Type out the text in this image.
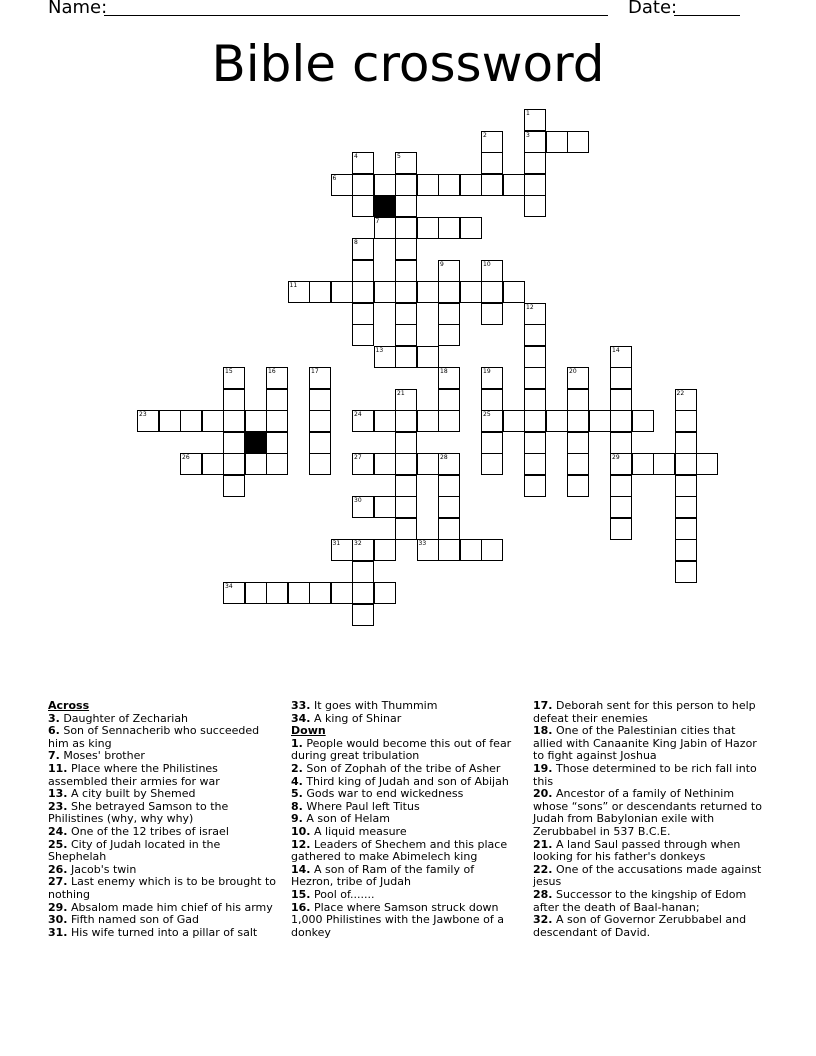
Name:	Date:
Bible crossword
1
2	3
4	5
6
7
8
9	10
11
12
13	14
15	16	17	18	19	20
21	22
23	24	25
26	27	28	29
30
31 32	33
34

Across

3. Daughter of Zechariah

6. Son of Sennacherib who succeeded him as king

7. Moses' brother

11. Place where the Philistines assembled their armies for war

13. A city built by Shemed

23. She betrayed Samson to the Philistines (why, why why)

24. One of the 12 tribes of israel

25. City of Judah located in the Shephelah

26. Jacob's twin

27. Last enemy which is to be brought to nothing

29. Absalom made him chief of his army

30. Fifth named son of Gad

31. His wife turned into a pillar of salt

33. It goes with Thummim

34. A king of Shinar

Down

1. People would become this out of fear during great tribulation

2. Son of Zophah of the tribe of Asher

4. Third king of Judah and son of Abijah

5. Gods war to end wickedness

8. Where Paul left Titus

9. A son of Helam

10. A liquid measure

12. Leaders of Shechem and this place gathered to make Abimelech king

14. A son of Ram of the family of Hezron, tribe of Judah

15. Pool of.......

16. Place where Samson struck down 1,000 Philistines with the Jawbone of a donkey

17. Deborah sent for this person to help defeat their enemies

18. One of the Palestinian cities that allied with Canaanite King Jabin of Hazor to fight against Joshua

19. Those determined to be rich fall into this

20. Ancestor of a family of Nethinim whose “sons” or descendants returned to Judah from Babylonian exile with Zerubbabel in 537 B.C.E.

21. A land Saul passed through when looking for his father's donkeys

22. One of the accusations made against jesus

28. Successor to the kingship of Edom after the death of Baal-hanan;

32. A son of Governor Zerubbabel and descendant of David.
